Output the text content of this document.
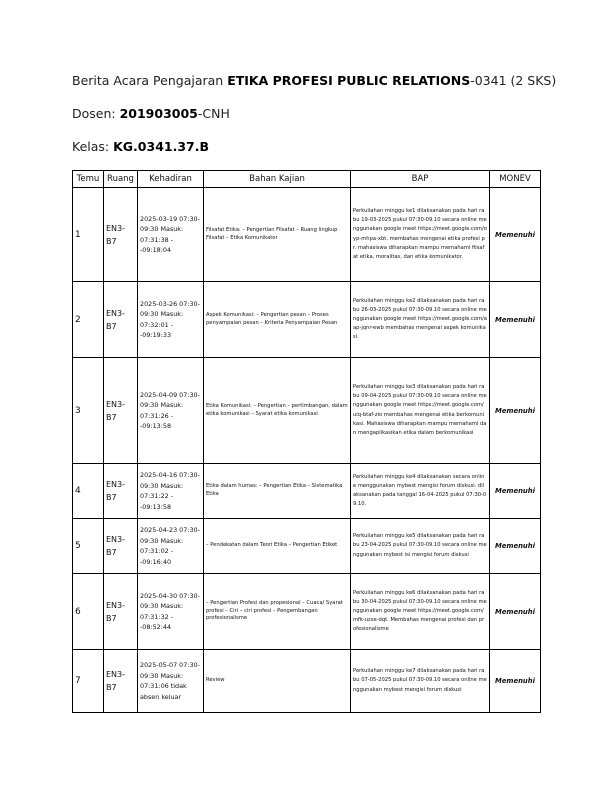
Berita Acara Pengajaran ETIKA PROFESI PUBLIC RELATIONS-0341 (2 SKS)
Dosen: 201903005-CNH
Kelas: KG.0341.37.B
Temu	Ruang	Kehadiran	Bahan Kajian	BAP	MONEV
1	EN3-B7	2025-03-19 07:30-09:30 Masuk: 07:31:38 --09:18:04	Filsafat Etika: – Pengertian Filsafat – Ruang lingkup Filsafat – Etika Komunikator	Perkuliahan minggu ke1 dilaksanakan pada hari rabu 19-03-2025 pukul 07:30-09.10 secara online menggunakan google meet https://meet.google.com/oyp-mhpa-xbt. membahas mengenai etika profesi pr. mahasiswa diharapkan mampu memahami filsafat etika, moralitas, dan etika komunikator.	Memenuhi
2	EN3-B7	2025-03-26 07:30-09:30 Masuk: 07:32:01 --09:19:33	Aspek Komunikasi: – Pengertian pesan – Proses penyampaian pesan – Kriteria Penyampaian Pesan	Perkuliahan minggu ke2 dilaksanakan pada hari rabu 26-03-2025 pukul 07:30-09.10 secara online menggunakan google meet https://meet.google.com/aap-jqnr-ewb membahas mengenai aspek komunikasi.	Memenuhi
3	EN3-B7	2025-04-09 07:30-09:30 Masuk: 07:31:26 --09:13:58	Etika Komunikasi: – Pengertian – pertimbangan, dalam etika komunikasi – Syarat etika komunikasi	Perkuliahan minggu ke3 dilaksanakan pada hari rabu 09-04-2025 pukul 07:30-09.10 secara online menggunakan google meet https://meet.google.com/uiq-btaf-zio membahas mengenai etika berkomunikasi. Mahasiswa diharapkan mampu memahami dan mengaplikasikan etika dalam berkomunikasi	Memenuhi
4	EN3-B7	2025-04-16 07:30-09:30 Masuk: 07:31:22 --09:13:58	Etika dalam humas: – Pengertian Etika – Sistematika Etika	Perkuliahan minggu ke4 dilaksanakan secara online menggunakan mybest mengisi forum diskusi. dilaksanakan pada tanggal 16-04-2025 pukul 07:30-09.10.	Memenuhi
5	EN3-B7	2025-04-23 07:30-09:30 Masuk: 07:31:02 --09:16:40	– Pendekatan dalam Teori Etika – Pengertian Etiket	Perkuliahan minggu ke5 dilaksanakan pada hari rabu 23-04-2025 pukul 07:30-09.10 secara online menggunakan mybest isi mengisi forum diskusi	Memenuhi
6	EN3-B7	2025-04-30 07:30-09:30 Masuk: 07:31:32 --08:52:44	– Pengertian Profesi dan propesional – Cuaca/ Syarat profesi – Ciri – ciri profesi – Pengembangan profesionalisme	Perkuliahan minggu ke6 dilaksanakan pada hari rabu 30-04-2025 pukul 07:30-09.10 secara online menggunakan google meet https://meet.google.com/mfk-uzse-dqt. Membahas mengenai profesi dan profesionalisme	Memenuhi
7	EN3-B7	2025-05-07 07:30-09:30 Masuk: 07:31:06 tidak absen keluar	Review	Perkuliahan minggu ke7 dilaksanakan pada hari rabu 07-05-2025 pukul 07:30-09.10 secara online menggunakan mybest mengisi forum diskusi	Memenuhi
